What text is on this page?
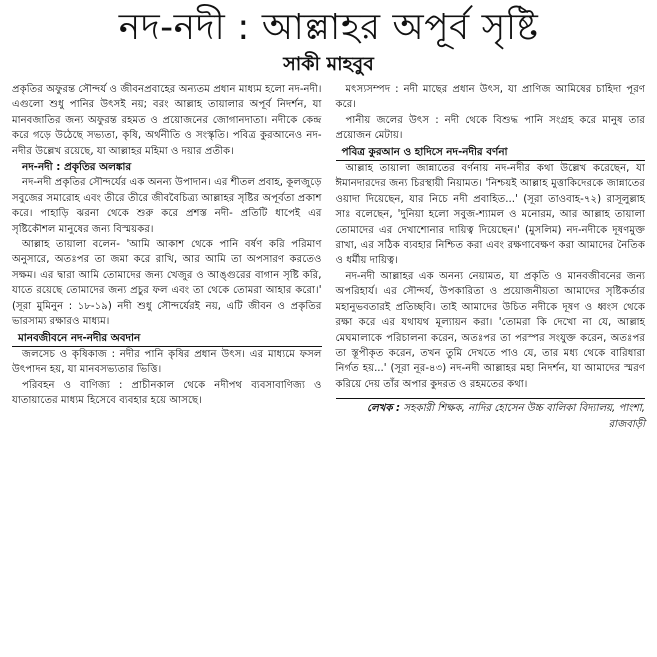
নদ-নদী : আল্লাহর অপূর্ব সৃষ্টি
সাকী মাহবুব

প্রকৃতির অফুরন্ত সৌন্দর্য ও জীবনপ্রবাহের অন্যতম প্রধান মাধ্যম হলো নদ-নদী। এগুলো শুধু পানির উৎসই নয়; বরং আল্লাহ তায়ালার অপূর্ব নিদর্শন, যা মানবজাতির জন্য অফুরন্ত রহমত ও প্রয়োজনের জোগানদাতা। নদীকে কেন্দ্র করে গড়ে উঠেছে সভ্যতা, কৃষি, অর্থনীতি ও সংস্কৃতি। পবিত্র কুরআনেও নদ-নদীর উল্লেখ রয়েছে, যা আল্লাহর মহিমা ও দয়ার প্রতীক।

নদ-নদী : প্রকৃতির অলঙ্কার

নদ-নদী প্রকৃতির সৌন্দর্যের এক অনন্য উপাদান। এর শীতল প্রবাহ, কূলজুড়ে সবুজের সমারোহ এবং তীরে তীরে জীববৈচিত্র্য আল্লাহর সৃষ্টির অপূর্বতা প্রকাশ করে। পাহাড়ি ঝরনা থেকে শুরু করে প্রশস্ত নদী- প্রতিটি ধাপেই এর সৃষ্টিকৌশল মানুষের জন্য বিস্ময়কর।

আল্লাহ তায়ালা বলেন- 'আমি আকাশ থেকে পানি বর্ষণ করি পরিমাণ অনুসারে, অতঃপর তা জমা করে রাখি, আর আমি তা অপসারণ করতেও সক্ষম। এর দ্বারা আমি তোমাদের জন্য খেজুর ও আঙ্গুরের বাগান সৃষ্টি করি, যাতে রয়েছে তোমাদের জন্য প্রচুর ফল এবং তা থেকে তোমরা আহার করো।' (সূরা মুমিনুন : ১৮-১৯) নদী শুধু সৌন্দর্যেরই নয়, এটি জীবন ও প্রকৃতির ভারসাম্য রক্ষারও মাধ্যম।

মানবজীবনে নদ-নদীর অবদান

জলসেচ ও কৃষিকাজ : নদীর পানি কৃষির প্রধান উৎস। এর মাধ্যমে ফসল উৎপাদন হয়, যা মানবসভ্যতার ভিত্তি।

পরিবহন ও বাণিজ্য : প্রাচীনকাল থেকে নদীপথ ব্যবসাবাণিজ্য ও যাতায়াতের মাধ্যম হিসেবে ব্যবহার হয়ে আসছে।

মৎস্যসম্পদ : নদী মাছের প্রধান উৎস, যা প্রাণিজ আমিষের চাহিদা পূরণ করে।

পানীয় জলের উৎস : নদী থেকে বিশুদ্ধ পানি সংগ্রহ করে মানুষ তার প্রয়োজন মেটায়।

পবিত্র কুরআন ও হাদিসে নদ-নদীর বর্ণনা

আল্লাহ তায়ালা জান্নাতের বর্ণনায় নদ-নদীর কথা উল্লেখ করেছেন, যা ঈমানদারদের জন্য চিরস্থায়ী নিয়ামত। 'নিশ্চয়ই আল্লাহ মুত্তাকিদেরকে জান্নাতের ওয়াদা দিয়েছেন, যার নিচে নদী প্রবাহিত...' (সূরা তাওবাহ-৭২) রাসূলুল্লাহ সাঃ বলেছেন, 'দুনিয়া হলো সবুজ-শ্যামল ও মনোরম, আর আল্লাহ তায়ালা তোমাদের এর দেখাশোনার দায়িত্ব দিয়েছেন।' (মুসলিম) নদ-নদীকে দূষণমুক্ত রাখা, এর সঠিক ব্যবহার নিশ্চিত করা এবং রক্ষণাবেক্ষণ করা আমাদের নৈতিক ও ধর্মীয় দায়িত্ব।

নদ-নদী আল্লাহর এক অনন্য নেয়ামত, যা প্রকৃতি ও মানবজীবনের জন্য অপরিহার্য। এর সৌন্দর্য, উপকারিতা ও প্রয়োজনীয়তা আমাদের সৃষ্টিকর্তার মহানুভবতারই প্রতিচ্ছবি। তাই আমাদের উচিত নদীকে দূষণ ও ধ্বংস থেকে রক্ষা করে এর যথাযথ মূল্যায়ন করা। 'তোমরা কি দেখো না যে, আল্লাহ মেঘমালাকে পরিচালনা করেন, অতঃপর তা পরস্পর সংযুক্ত করেন, অতঃপর তা স্তূপীকৃত করেন, তখন তুমি দেখতে পাও যে, তার মধ্য থেকে বারিধারা নির্গত হয়...' (সূরা নূর-৪৩) নদ-নদী আল্লাহর মহা নিদর্শন, যা আমাদের স্মরণ করিয়ে দেয় তাঁর অপার কুদরত ও রহমতের কথা।

লেখক : সহকারী শিক্ষক, নাদির হোসেন উচ্চ বালিকা বিদ্যালয়, পাংশা, রাজবাড়ী
